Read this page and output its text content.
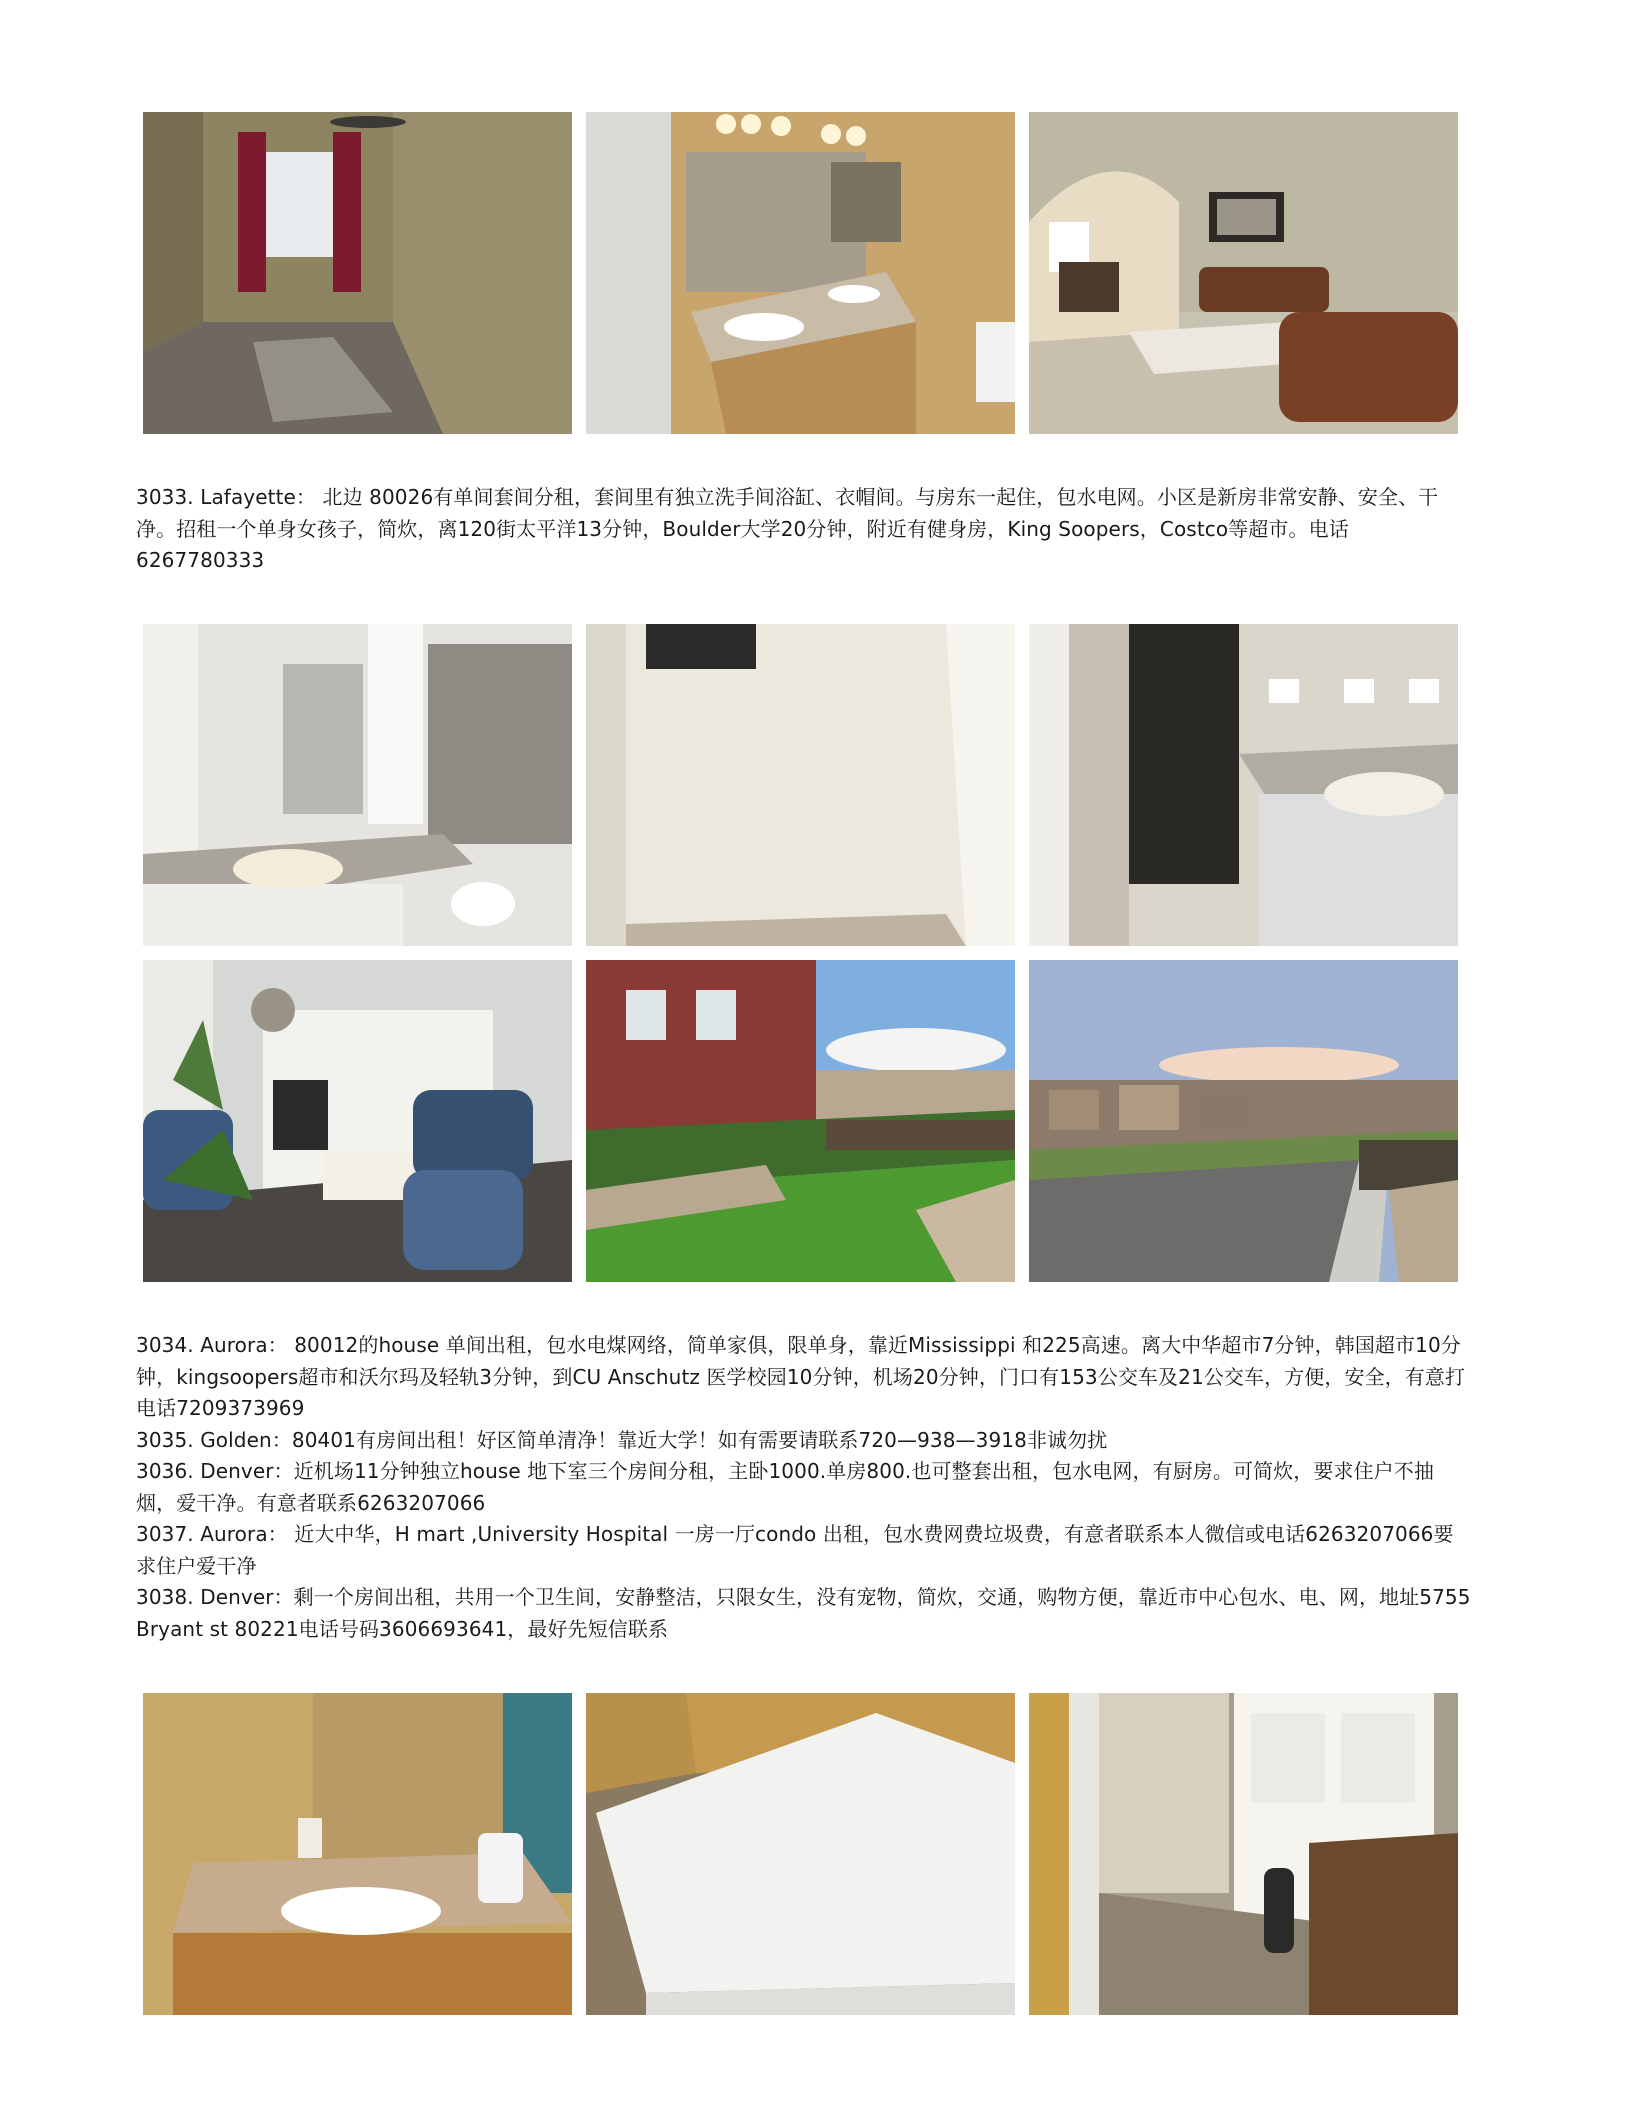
3033. Lafayette： 北边 80026有单间套间分租，套间里有独立洗手间浴缸、衣帽间。与房东一起住，包水电网。小区是新房非常安静、安全、干净。招租一个单身女孩子，简炊，离120街太平洋13分钟，Boulder大学20分钟，附近有健身房，King Soopers，Costco等超市。电话6267780333

3034. Aurora： 80012的house 单间出租，包水电煤网络，简单家俱，限单身，靠近Mississippi 和225高速。离大中华超市7分钟，韩国超市10分钟，kingsoopers超市和沃尔玛及轻轨3分钟，到CU Anschutz 医学校园10分钟，机场20分钟，门口有153公交车及21公交车，方便，安全，有意打电话7209373969

3035. Golden：80401有房间出租！好区简单清净！靠近大学！如有需要请联系720—938—3918非诚勿扰

3036. Denver：近机场11分钟独立house 地下室三个房间分租，主卧1000.单房800.也可整套出租，包水电网，有厨房。可简炊，要求住户不抽烟，爱干净。有意者联系6263207066

3037. Aurora： 近大中华，H mart ,University Hospital 一房一厅condo 出租，包水费网费垃圾费，有意者联系本人微信或电话6263207066要求住户爱干净

3038. Denver：剩一个房间出租，共用一个卫生间，安静整洁，只限女生，没有宠物，简炊，交通，购物方便，靠近市中心包水、电、网，地址5755 Bryant st 80221电话号码3606693641，最好先短信联系
